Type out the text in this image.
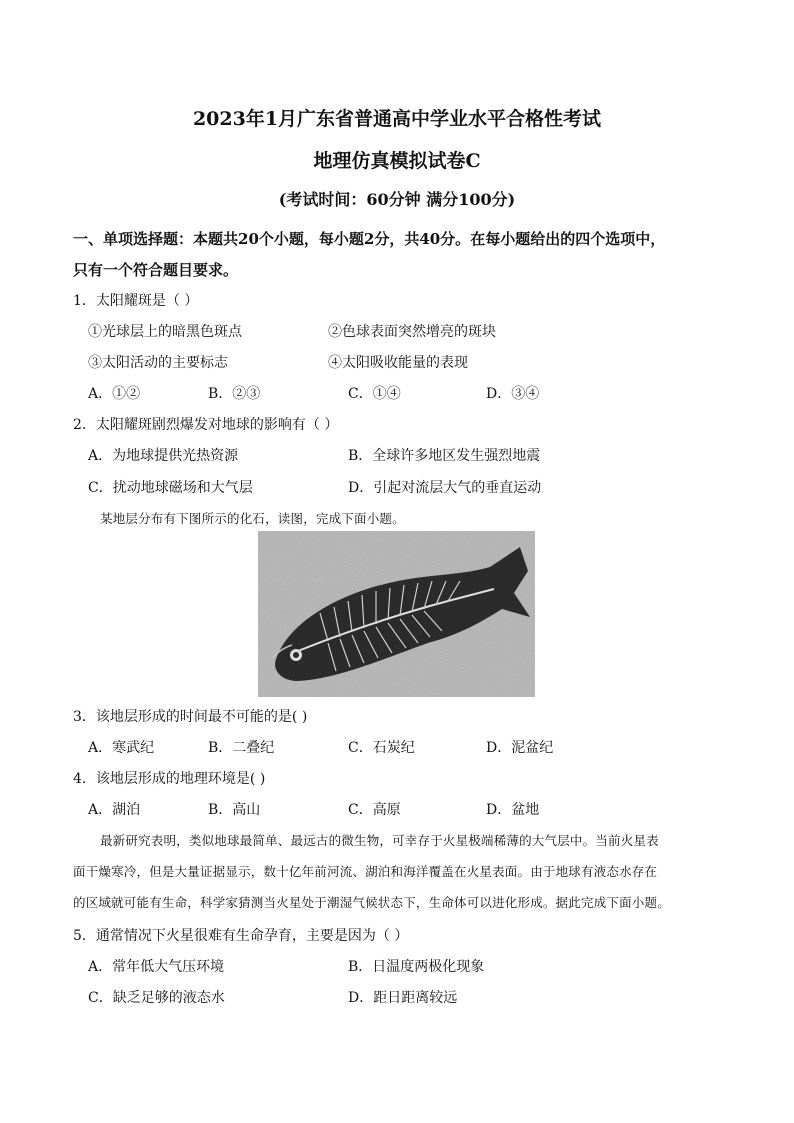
2023年1月广东省普通高中学业水平合格性考试
地理仿真模拟试卷C
(考试时间：60分钟 满分100分)
一、单项选择题：本题共20个小题，每小题2分，共40分。在每小题给出的四个选项中，
只有一个符合题目要求。
1．太阳耀斑是（ ）
①光球层上的暗黑色斑点	②色球表面突然增亮的斑块
③太阳活动的主要标志	④太阳吸收能量的表现
A．①②	B．②③	C．①④	D．③④
2．太阳耀斑剧烈爆发对地球的影响有（ ）
A．为地球提供光热资源	B．全球许多地区发生强烈地震
C．扰动地球磁场和大气层	D．引起对流层大气的垂直运动
某地层分布有下图所示的化石，读图，完成下面小题。
3．该地层形成的时间最不可能的是( )
A．寒武纪	B．二叠纪	C．石炭纪	D．泥盆纪
4．该地层形成的地理环境是( )
A．湖泊	B．高山	C．高原	D．盆地
最新研究表明，类似地球最简单、最远古的微生物，可幸存于火星极端稀薄的大气层中。当前火星表
面干燥寒冷，但是大量证据显示，数十亿年前河流、湖泊和海洋覆盖在火星表面。由于地球有液态水存在
的区域就可能有生命，科学家猜测当火星处于潮湿气候状态下，生命体可以进化形成。据此完成下面小题。
5．通常情况下火星很难有生命孕育，主要是因为（ ）
A．常年低大气压环境	B．日温度两极化现象
C．缺乏足够的液态水	D．距日距离较远
